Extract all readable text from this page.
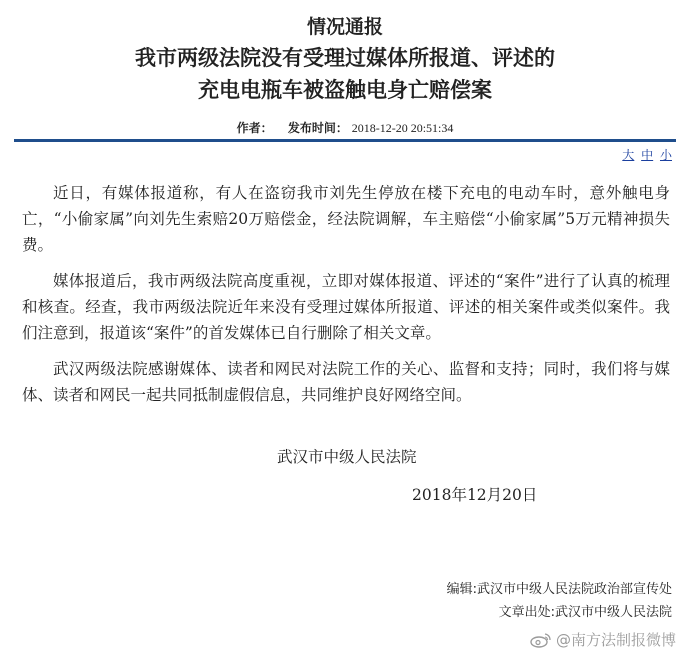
情况通报
我市两级法院没有受理过媒体所报道、评述的
充电电瓶车被盗触电身亡赔偿案
作者： 发布时间： 2018-12-20 20:51:34
大 中 小

近日，有媒体报道称，有人在盗窃我市刘先生停放在楼下充电的电动车时，意外触电身亡，“小偷家属”向刘先生索赔20万赔偿金，经法院调解，车主赔偿“小偷家属”5万元精神损失费。

媒体报道后，我市两级法院高度重视，立即对媒体报道、评述的“案件”进行了认真的梳理和核查。经查，我市两级法院近年来没有受理过媒体所报道、评述的相关案件或类似案件。我们注意到，报道该“案件”的首发媒体已自行删除了相关文章。

武汉两级法院感谢媒体、读者和网民对法院工作的关心、监督和支持；同时，我们将与媒体、读者和网民一起共同抵制虚假信息，共同维护良好网络空间。

武汉市中级人民法院
2018年12月20日
编辑:武汉市中级人民法院政治部宣传处
文章出处:武汉市中级人民法院
@南方法制报微博
